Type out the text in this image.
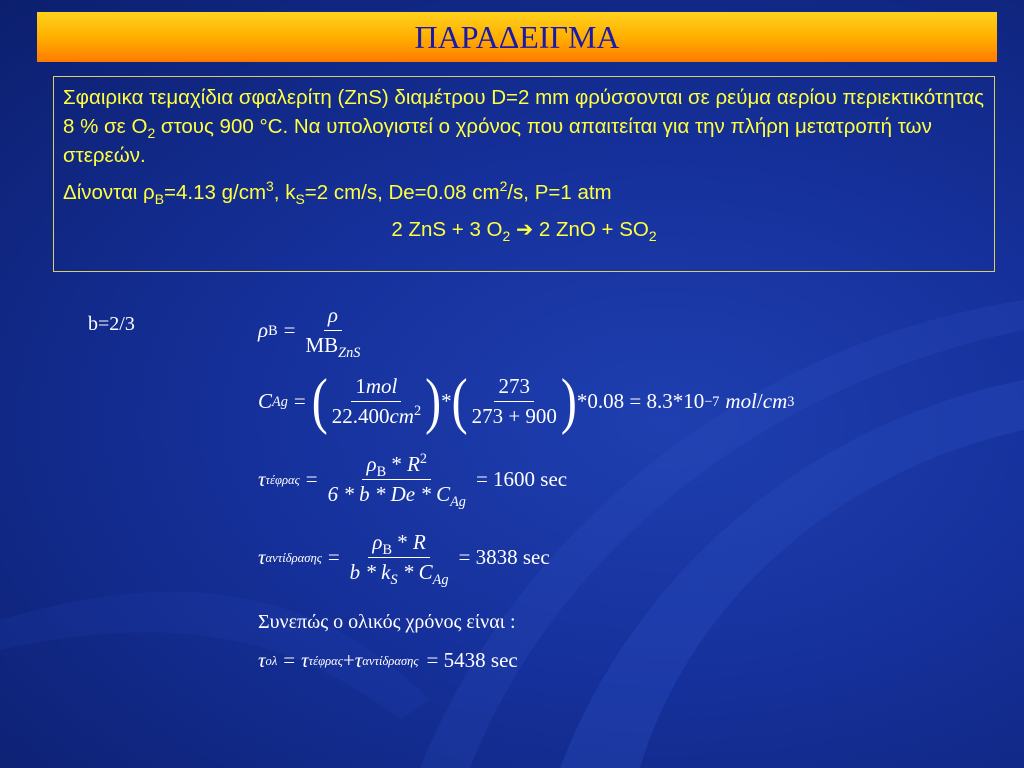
ΠΑΡΑΔΕΙΓΜΑ

Σφαιρικα τεμαχίδια σφαλερίτη (ZnS) διαμέτρου D=2 mm φρύσσονται σε ρεύμα αερίου περιεκτικότητας 8 % σε $O_2$ στους 900 °C. Να υπολογιστεί ο χρόνος που απαιτείται για την πλήρη μετατροπή των στερεών.

Δίνονται $\rho_B=4.13$ $g/cm^3$, $k_S=2$ cm/s, De=0.08 $cm^2/s$, P=1 atm

2 ZnS + 3 $O_2$ ➔ 2 ZnO + $SO_2$

b=2/3	ρ $B = \frac{\rho}{MB_{ZnS}}$
C Ag = ( $\frac{\text{1mol}}{22.400cm^2}$ ) * ( $\frac{273}{273 + 900}$ ) *0.08 = 8.3*10 −7 mol / cm 3
τ $\tau έ\varphi\rho\alpha\varsigma = \frac{\rho_B * R^2}{6 * b * De * C_{Ag}} = 1600$ sec
τ $\alpha\nu\tau ί\delta\rho\alpha\sigma\eta\varsigma = \frac{\rho_B * R}{b * k_S * C_{Ag}} = 3838$ sec
Συνεπώς ο ολικός χρόνος είναι :
τ ολ = τ τέφρας + τ αντίδρασης = 5438 sec
